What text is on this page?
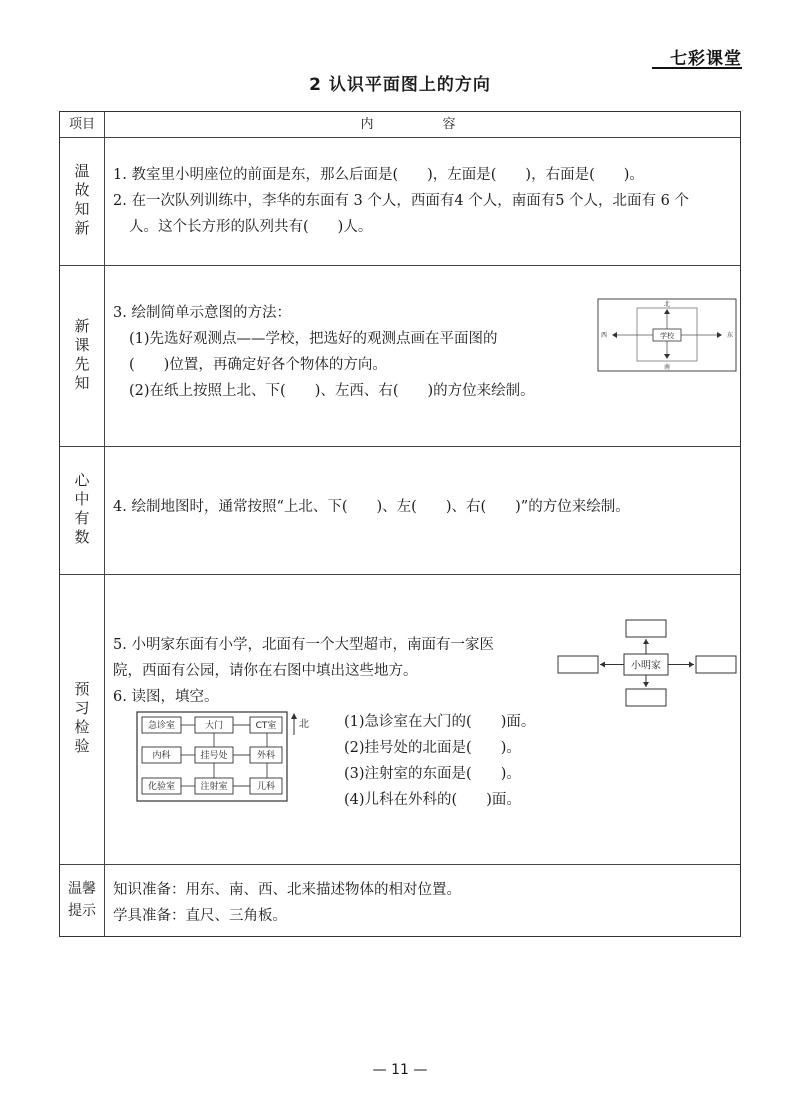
七彩课堂
2 认识平面图上的方向
项目	内　容
温故知新 1. 教室里小明座位的前面是东，那么后面是(　　)，左面是(　　)，右面是(　　)。
2. 在一次队列训练中，李华的东面有 3 个人，西面有4 个人，南面有5 个人，北面有 6 个
人。这个长方形的队列共有(　　)人。
新课先知
3. 绘制简单示意图的方法：
(1)先选好观测点——学校，把选好的观测点画在平面图的
(　　)位置，再确定好各个物体的方向。
(2)在纸上按照上北、下(　　)、左西、右(　　)的方位来绘制。
学校
北
南
西	东
心中有数 4. 绘制地图时，通常按照“上北、下(　　)、左(　　)、右(　　)”的方位来绘制。
预习检验
5. 小明家东面有小学，北面有一个大型超市，南面有一家医
院，西面有公园，请你在右图中填出这些地方。
6. 读图，填空。
小明家
急诊室	大门	CT室
内科	挂号处	外科
化验室	注射室	儿科
北 (1)急诊室在大门的(　　)面。
(2)挂号处的北面是(　　)。
(3)注射室的东面是(　　)。
(4)儿科在外科的(　　)面。
温馨提示
知识准备：用东、南、西、北来描述物体的相对位置。
学具准备：直尺、三角板。
— 11 —
